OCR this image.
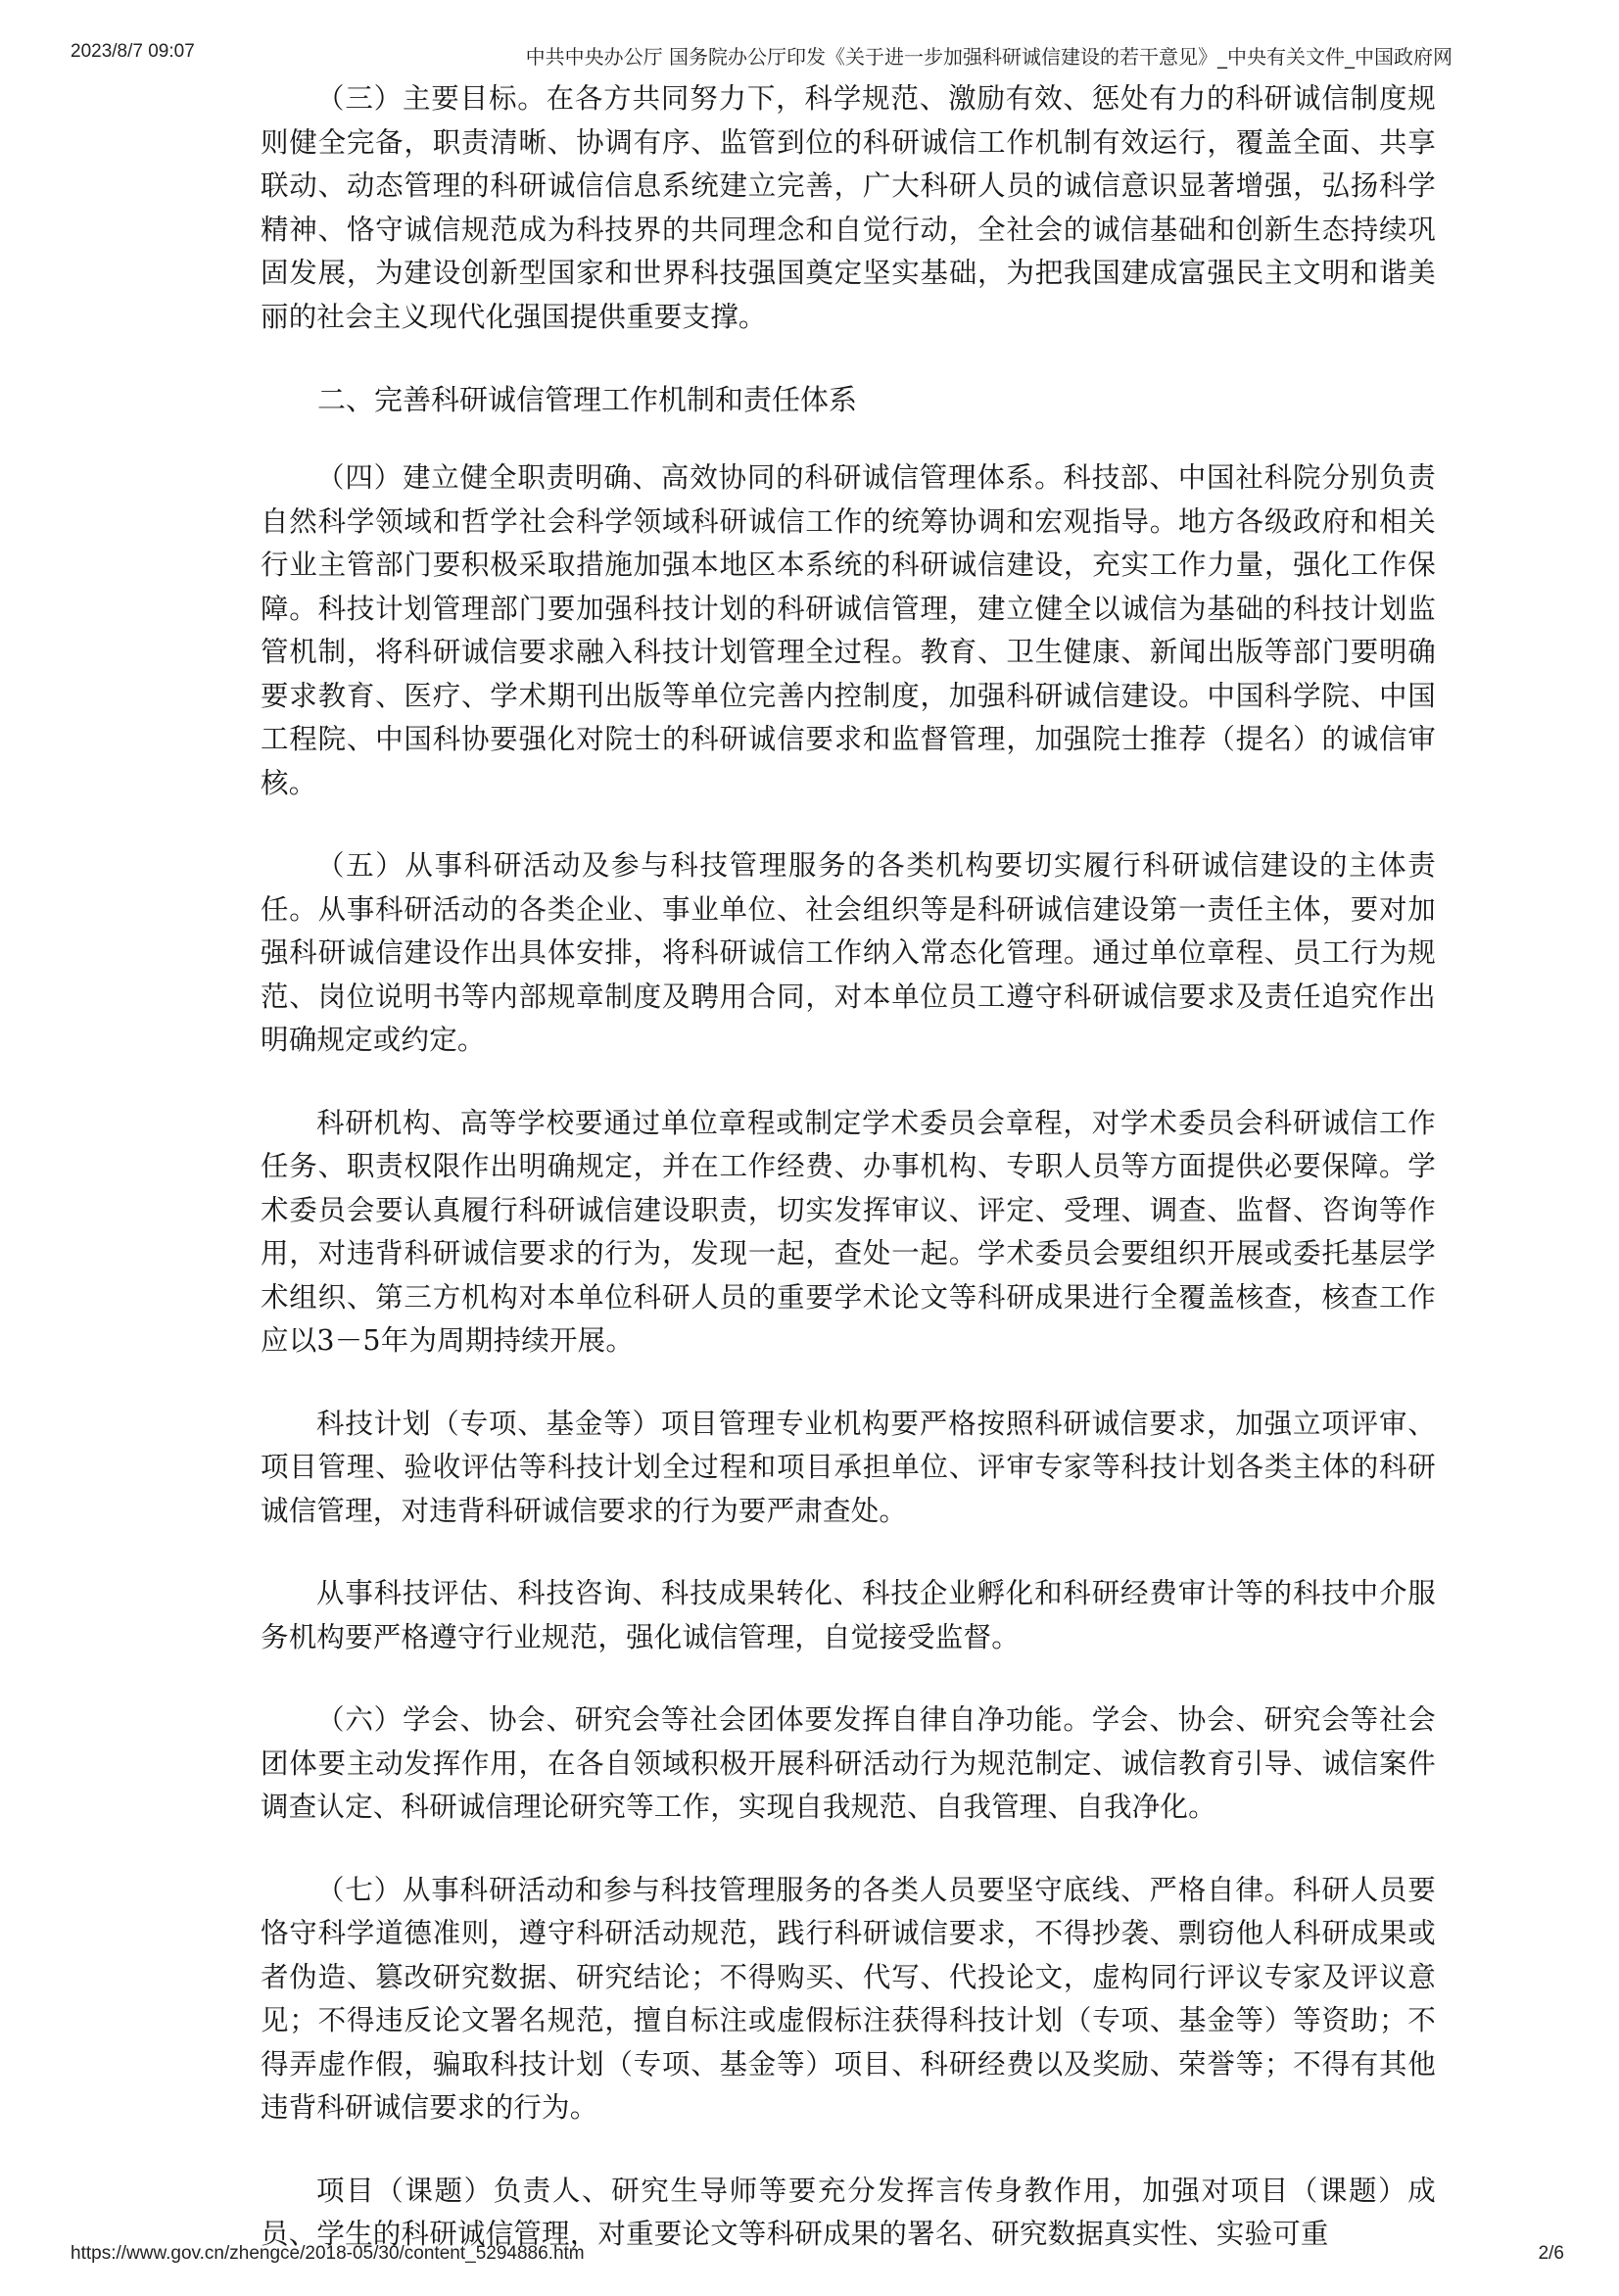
2023/8/7 09:07	中共中央办公厅 国务院办公厅印发《关于进一步加强科研诚信建设的若干意见》_中央有关文件_中国政府网

（三）主要目标。在各方共同努力下，科学规范、激励有效、惩处有力的科研诚信制度规则健全完备，职责清晰、协调有序、监管到位的科研诚信工作机制有效运行，覆盖全面、共享联动、动态管理的科研诚信信息系统建立完善，广大科研人员的诚信意识显著增强，弘扬科学精神、恪守诚信规范成为科技界的共同理念和自觉行动，全社会的诚信基础和创新生态持续巩固发展，为建设创新型国家和世界科技强国奠定坚实基础，为把我国建成富强民主文明和谐美丽的社会主义现代化强国提供重要支撑。

二、完善科研诚信管理工作机制和责任体系

（四）建立健全职责明确、高效协同的科研诚信管理体系。科技部、中国社科院分别负责自然科学领域和哲学社会科学领域科研诚信工作的统筹协调和宏观指导。地方各级政府和相关行业主管部门要积极采取措施加强本地区本系统的科研诚信建设，充实工作力量，强化工作保障。科技计划管理部门要加强科技计划的科研诚信管理，建立健全以诚信为基础的科技计划监管机制，将科研诚信要求融入科技计划管理全过程。教育、卫生健康、新闻出版等部门要明确要求教育、医疗、学术期刊出版等单位完善内控制度，加强科研诚信建设。中国科学院、中国工程院、中国科协要强化对院士的科研诚信要求和监督管理，加强院士推荐（提名）的诚信审核。

（五）从事科研活动及参与科技管理服务的各类机构要切实履行科研诚信建设的主体责任。从事科研活动的各类企业、事业单位、社会组织等是科研诚信建设第一责任主体，要对加强科研诚信建设作出具体安排，将科研诚信工作纳入常态化管理。通过单位章程、员工行为规范、岗位说明书等内部规章制度及聘用合同，对本单位员工遵守科研诚信要求及责任追究作出明确规定或约定。

科研机构、高等学校要通过单位章程或制定学术委员会章程，对学术委员会科研诚信工作任务、职责权限作出明确规定，并在工作经费、办事机构、专职人员等方面提供必要保障。学术委员会要认真履行科研诚信建设职责，切实发挥审议、评定、受理、调查、监督、咨询等作用，对违背科研诚信要求的行为，发现一起，查处一起。学术委员会要组织开展或委托基层学术组织、第三方机构对本单位科研人员的重要学术论文等科研成果进行全覆盖核查，核查工作应以3－5年为周期持续开展。

科技计划（专项、基金等）项目管理专业机构要严格按照科研诚信要求，加强立项评审、项目管理、验收评估等科技计划全过程和项目承担单位、评审专家等科技计划各类主体的科研诚信管理，对违背科研诚信要求的行为要严肃查处。

从事科技评估、科技咨询、科技成果转化、科技企业孵化和科研经费审计等的科技中介服务机构要严格遵守行业规范，强化诚信管理，自觉接受监督。

（六）学会、协会、研究会等社会团体要发挥自律自净功能。学会、协会、研究会等社会团体要主动发挥作用，在各自领域积极开展科研活动行为规范制定、诚信教育引导、诚信案件调查认定、科研诚信理论研究等工作，实现自我规范、自我管理、自我净化。

（七）从事科研活动和参与科技管理服务的各类人员要坚守底线、严格自律。科研人员要恪守科学道德准则，遵守科研活动规范，践行科研诚信要求，不得抄袭、剽窃他人科研成果或者伪造、篡改研究数据、研究结论；不得购买、代写、代投论文，虚构同行评议专家及评议意见；不得违反论文署名规范，擅自标注或虚假标注获得科技计划（专项、基金等）等资助；不得弄虚作假，骗取科技计划（专项、基金等）项目、科研经费以及奖励、荣誉等；不得有其他违背科研诚信要求的行为。

项目（课题）负责人、研究生导师等要充分发挥言传身教作用，加强对项目（课题）成员、学生的科研诚信管理，对重要论文等科研成果的署名、研究数据真实性、实验可重

https://www.gov.cn/zhengce/2018-05/30/content_5294886.htm	2/6
